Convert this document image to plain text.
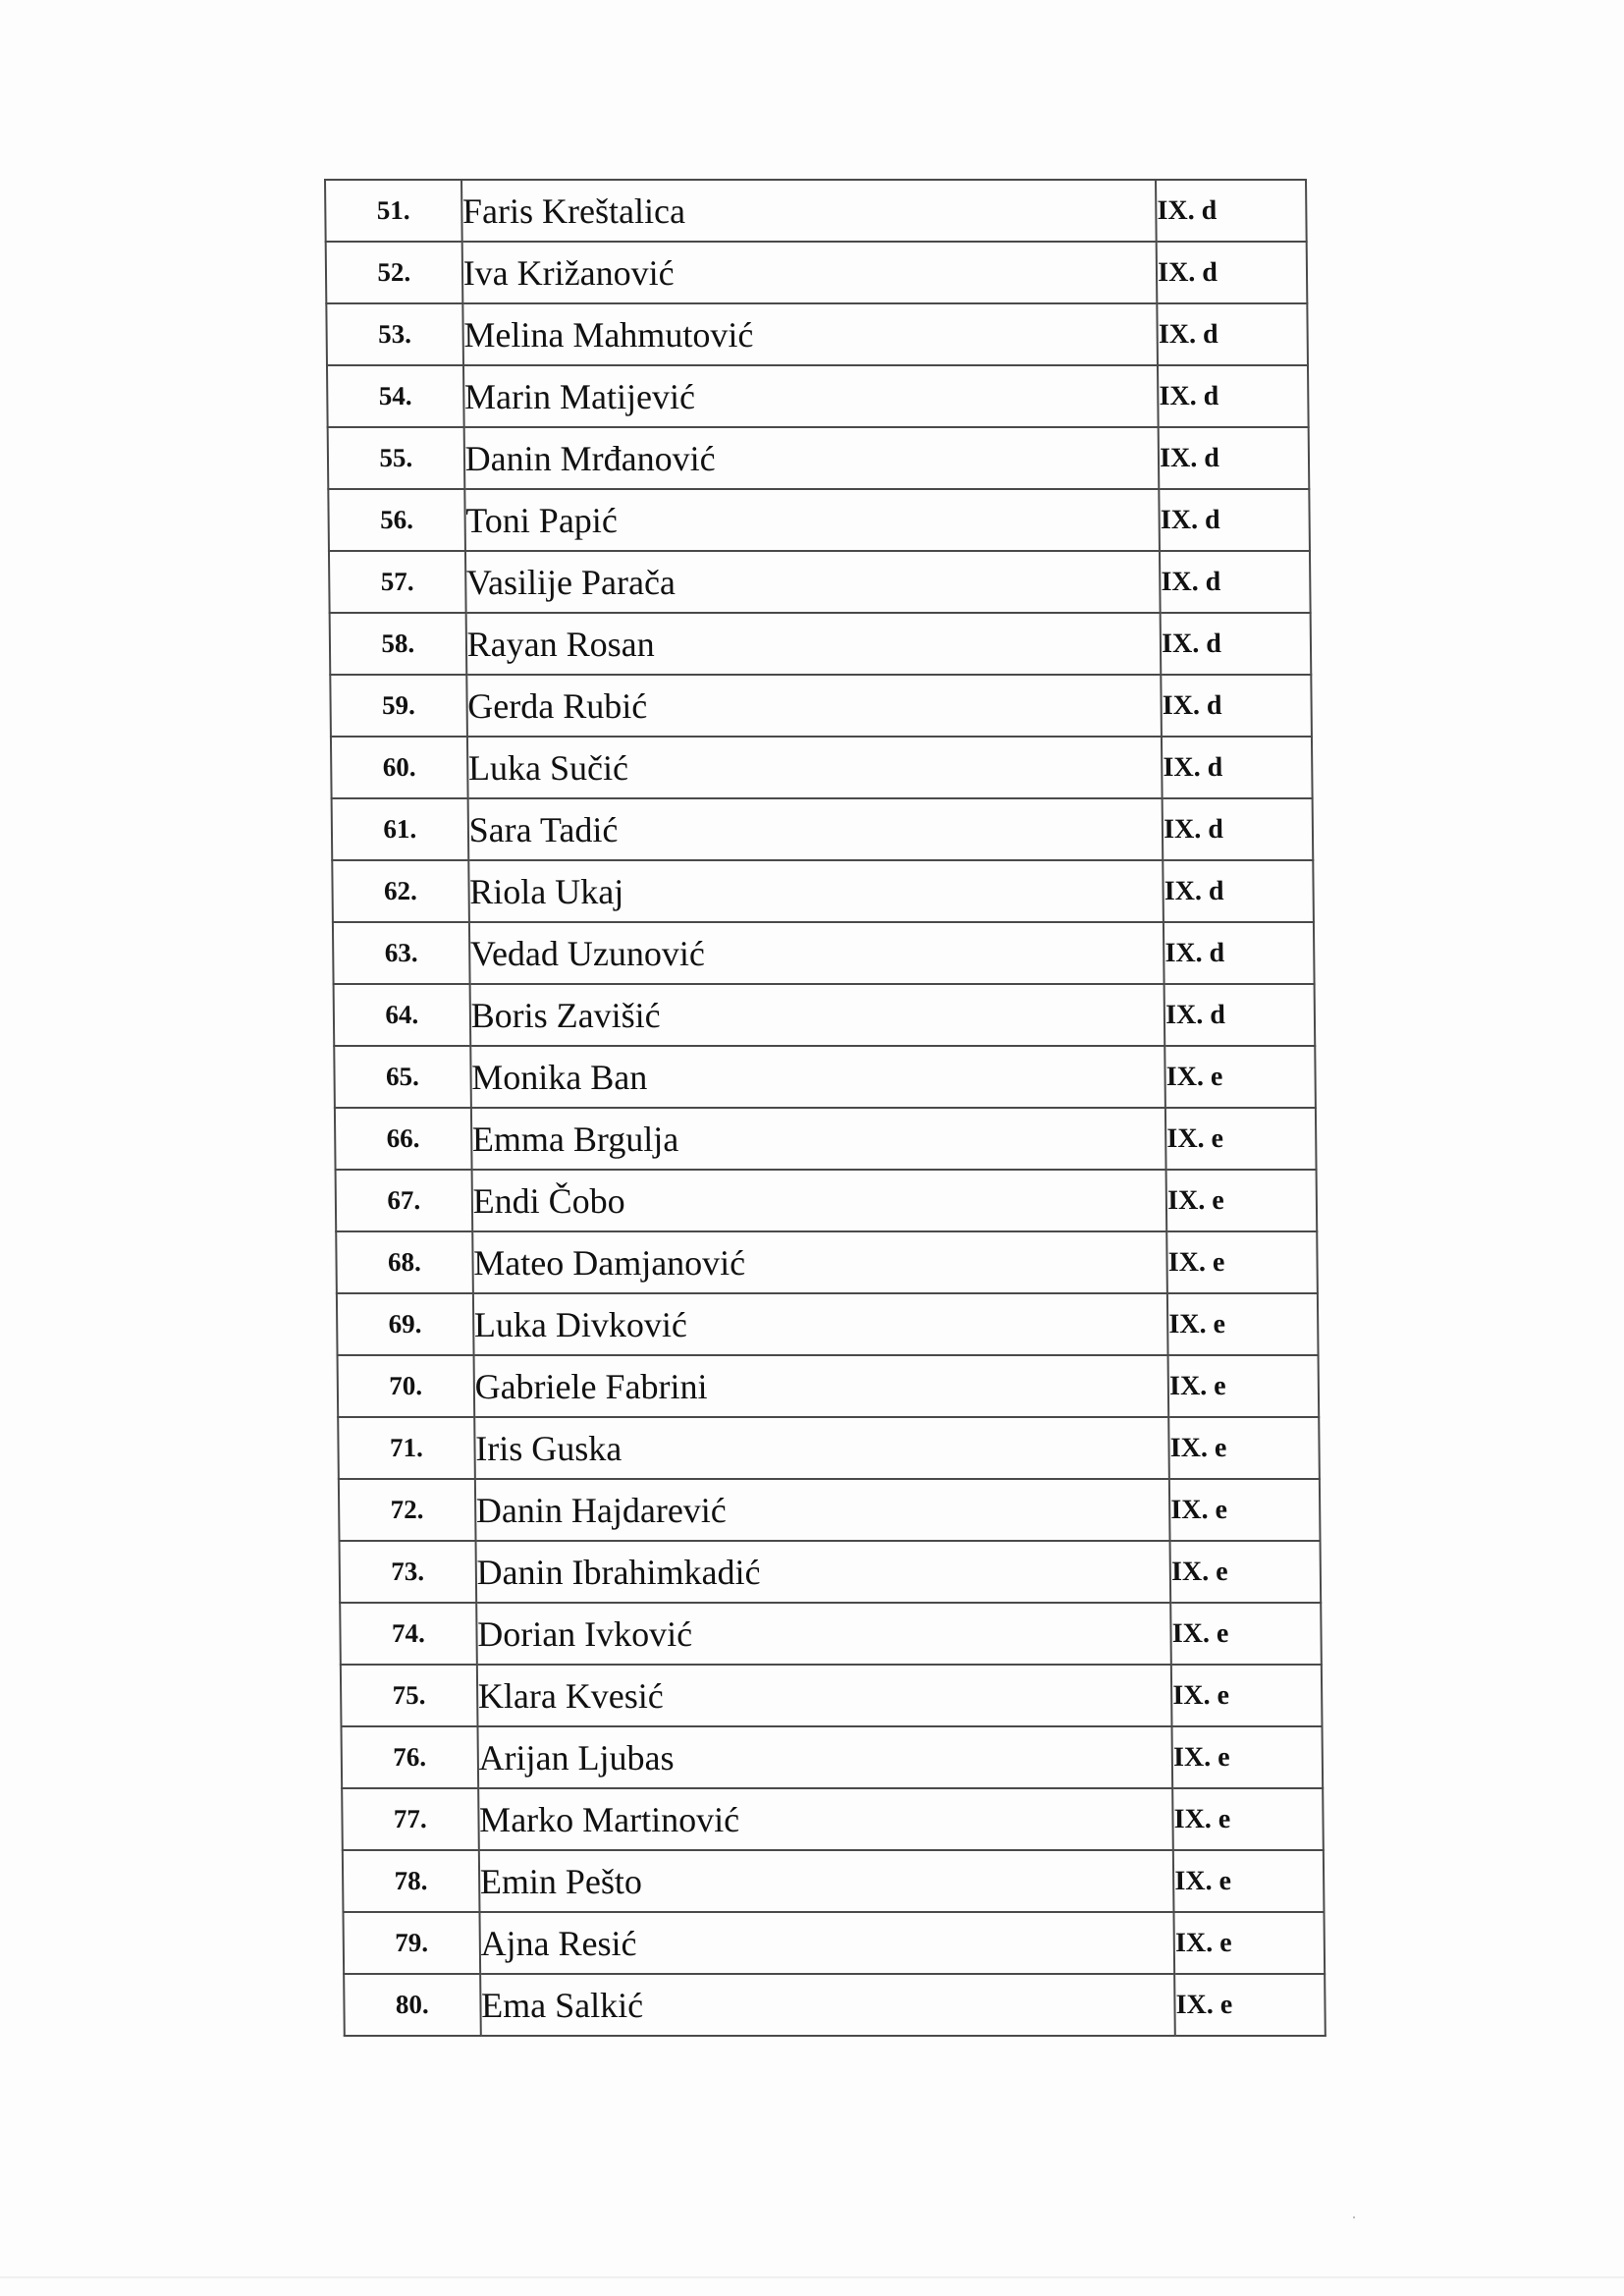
51.	Faris Kreštalica	IX. d
52.	Iva Križanović	IX. d
53.	Melina Mahmutović	IX. d
54.	Marin Matijević	IX. d
55.	Danin Mrđanović	IX. d
56.	Toni Papić	IX. d
57.	Vasilije Parača	IX. d
58.	Rayan Rosan	IX. d
59.	Gerda Rubić	IX. d
60.	Luka Sučić	IX. d
61.	Sara Tadić	IX. d
62.	Riola Ukaj	IX. d
63.	Vedad Uzunović	IX. d
64.	Boris Zavišić	IX. d
65.	Monika Ban	IX. e
66.	Emma Brgulja	IX. e
67.	Endi Čobo	IX. e
68.	Mateo Damjanović	IX. e
69.	Luka Divković	IX. e
70.	Gabriele Fabrini	IX. e
71.	Iris Guska	IX. e
72.	Danin Hajdarević	IX. e
73.	Danin Ibrahimkadić	IX. e
74.	Dorian Ivković	IX. e
75.	Klara Kvesić	IX. e
76.	Arijan Ljubas	IX. e
77.	Marko Martinović	IX. e
78.	Emin Pešto	IX. e
79.	Ajna Resić	IX. e
80.	Ema Salkić	IX. e
